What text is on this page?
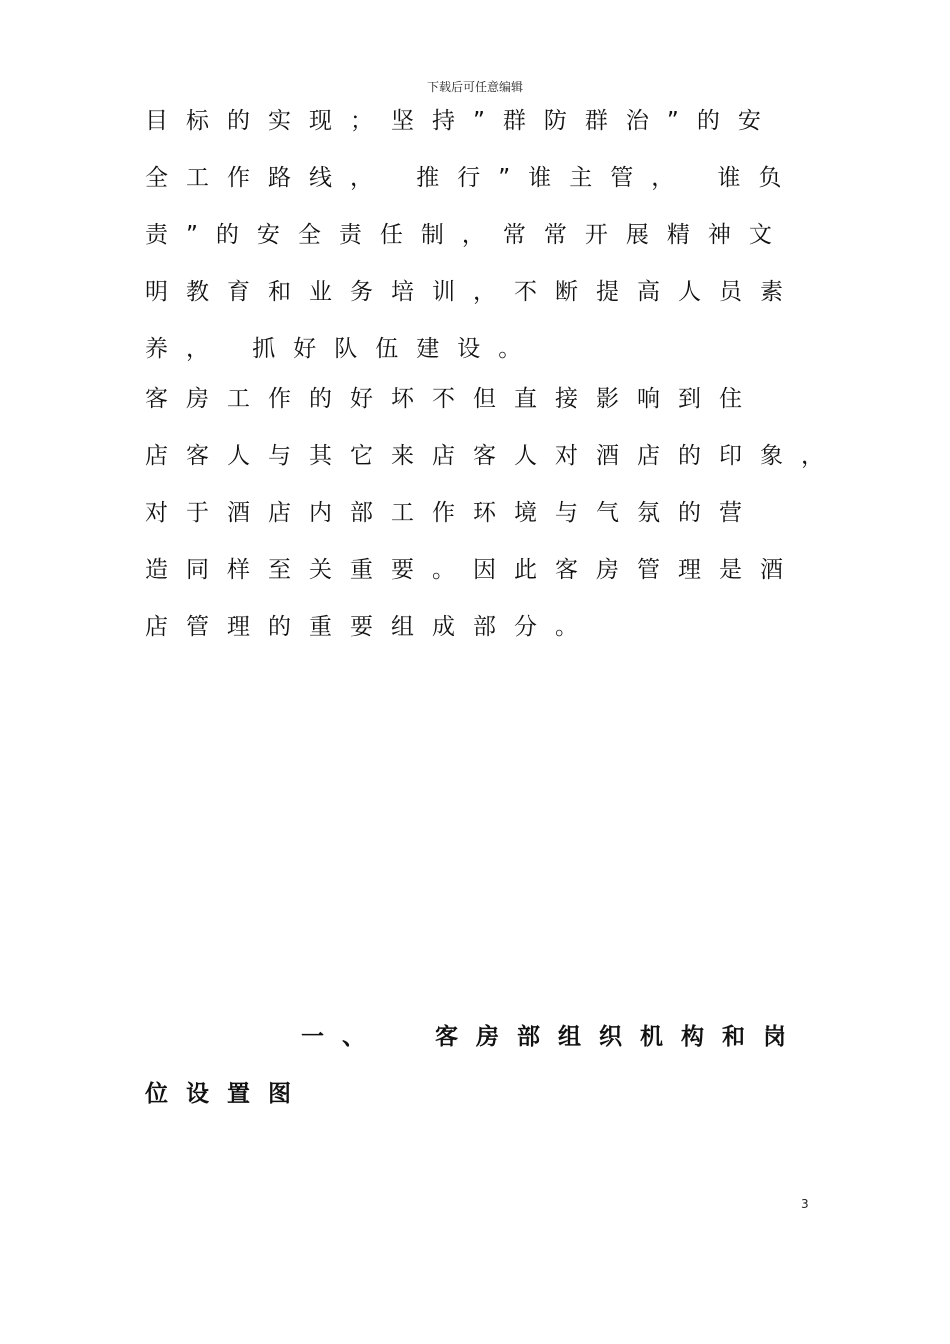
下载后可任意编辑
目标的实现；坚持”群防群治”的安
全工作路线， 推行”谁主管， 谁负
责”的安全责任制，常常开展精神文
明教育和业务培训，不断提高人员素
养， 抓好队伍建设。
客房工作的好坏不但直接影响到住
店客人与其它来店客人对酒店的印象，
对于酒店内部工作环境与气氛的营
造同样至关重要。因此客房管理是酒
店管理的重要组成部分。
一、  客房部组织机构和岗
位设置图
3
